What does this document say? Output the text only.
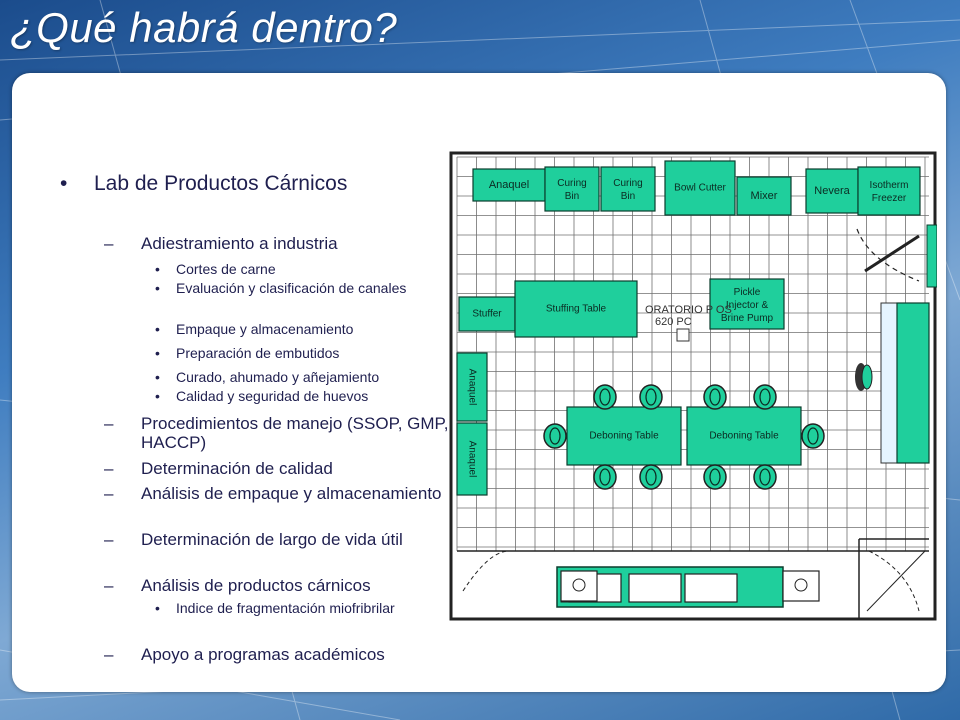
¿Qué habrá dentro?
• Lab de Productos Cárnicos
– Adiestramiento a industria
• Cortes de carne
• Evaluación y clasificación de canales
• Empaque y almacenamiento
• Preparación de embutidos
• Curado, ahumado y añejamiento
• Calidad y seguridad de huevos
– Procedimientos de manejo (SSOP, GMP, HACCP)
– Determinación de calidad
– Análisis de empaque y almacenamiento
– Determinación de largo de vida útil
– Análisis de productos cárnicos
• Indice de fragmentación miofribrilar
– Apoyo a programas académicos
Anaquel	Curing Bin
Curing Bin
Bowl Cutter
Mixer	Nevera Isotherm Freezer
Stuffer	Stuffing Table
Pickle Injector & Brine Pump
ORATORIO P OS
620 PC
Anaquel
Anaquel
Deboning Table	Deboning Table
